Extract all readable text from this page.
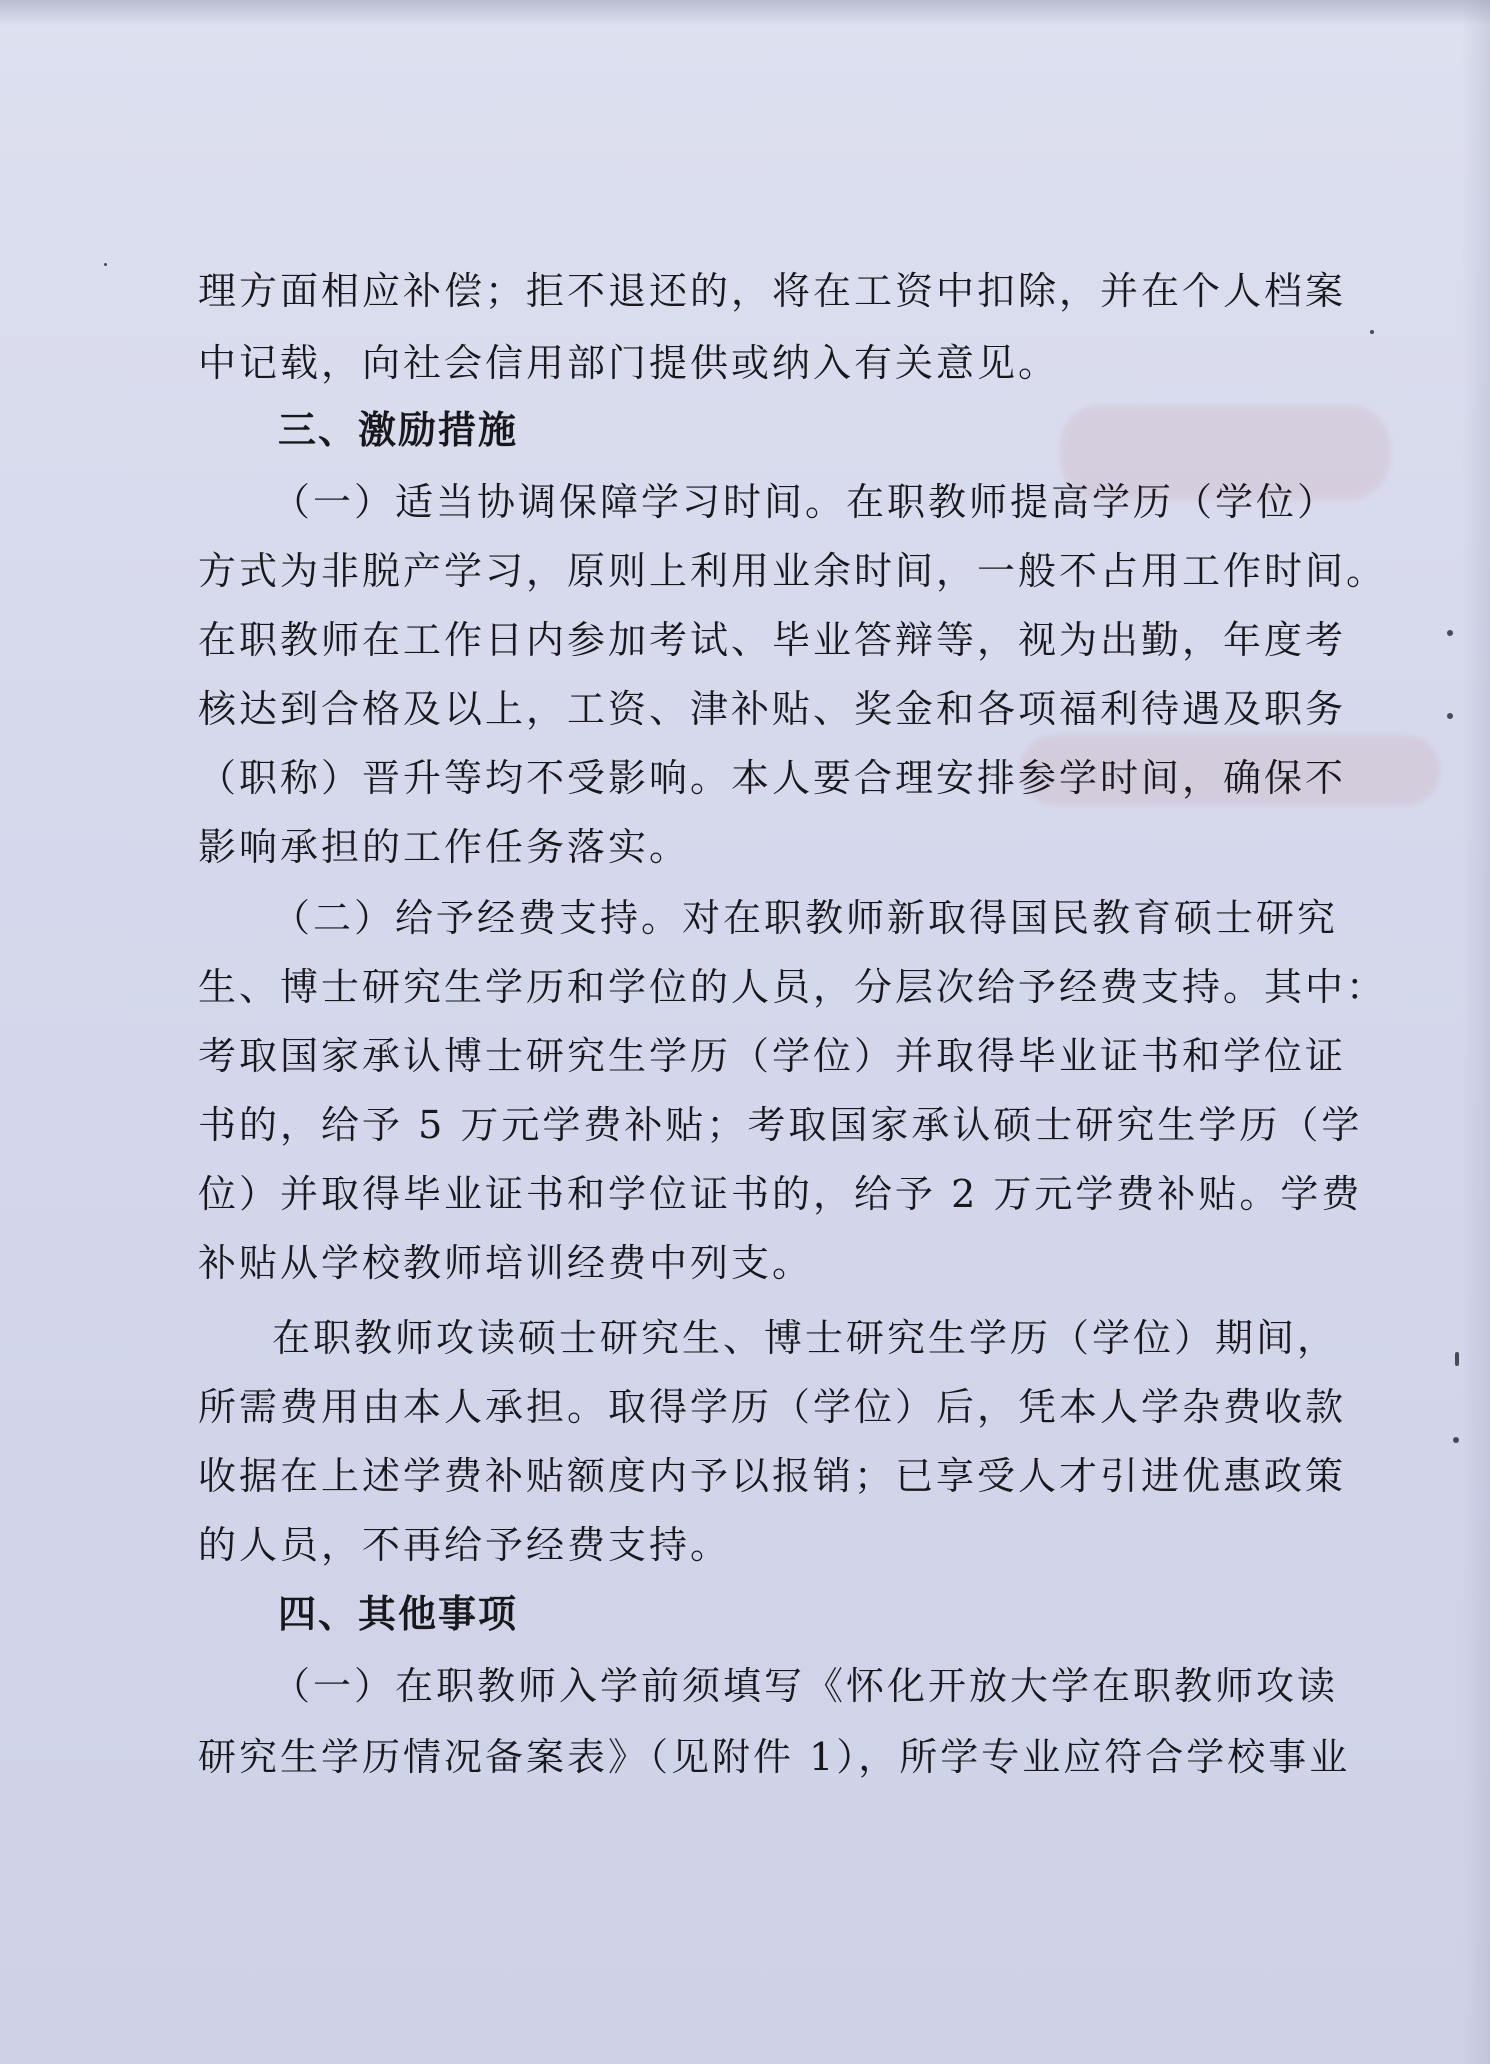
理方面相应补偿；拒不退还的，将在工资中扣除，并在个人档案
中记载，向社会信用部门提供或纳入有关意见。
三、激励措施
（一）适当协调保障学习时间。在职教师提高学历（学位）
方式为非脱产学习，原则上利用业余时间，一般不占用工作时间。
在职教师在工作日内参加考试、毕业答辩等，视为出勤，年度考
核达到合格及以上，工资、津补贴、奖金和各项福利待遇及职务
（职称）晋升等均不受影响。本人要合理安排参学时间，确保不
影响承担的工作任务落实。
（二）给予经费支持。对在职教师新取得国民教育硕士研究
生、博士研究生学历和学位的人员，分层次给予经费支持。其中：
考取国家承认博士研究生学历（学位）并取得毕业证书和学位证
书的，给予 5 万元学费补贴；考取国家承认硕士研究生学历（学
位）并取得毕业证书和学位证书的，给予 2 万元学费补贴。学费
补贴从学校教师培训经费中列支。
在职教师攻读硕士研究生、博士研究生学历（学位）期间，
所需费用由本人承担。取得学历（学位）后，凭本人学杂费收款
收据在上述学费补贴额度内予以报销；已享受人才引进优惠政策
的人员，不再给予经费支持。
四、其他事项
（一）在职教师入学前须填写《怀化开放大学在职教师攻读
研究生学历情况备案表》（见附件 1），所学专业应符合学校事业
